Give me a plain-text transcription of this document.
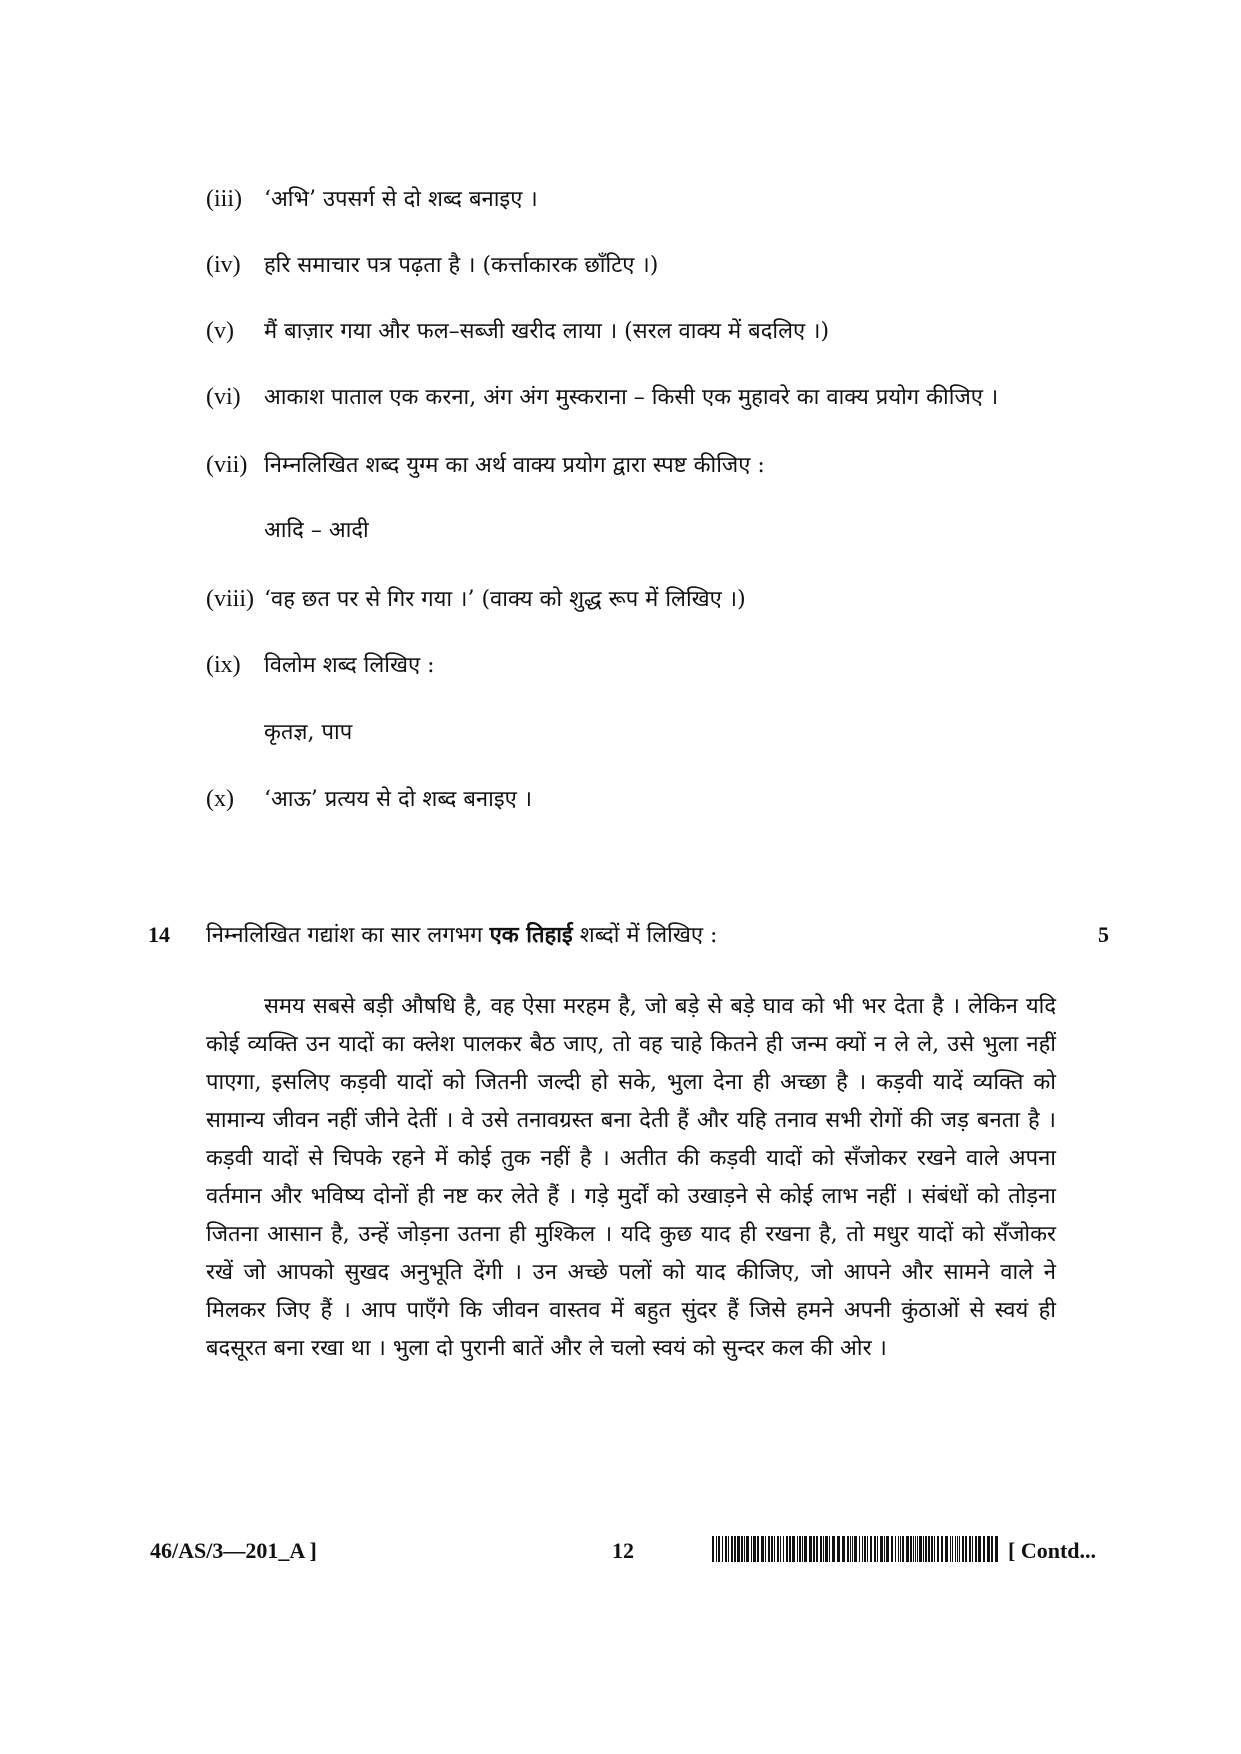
(iii) ‘अभि’ उपसर्ग से दो शब्द बनाइए ।
(iv) हरि समाचार पत्र पढ़ता है । (कर्त्ताकारक छाँटिए ।)
(v) मैं बाज़ार गया और फल–सब्जी खरीद लाया । (सरल वाक्य में बदलिए ।)
(vi) आकाश पाताल एक करना, अंग अंग मुस्कराना – किसी एक मुहावरे का वाक्य प्रयोग कीजिए ।
(vii) निम्नलिखित शब्द युग्म का अर्थ वाक्य प्रयोग द्वारा स्पष्ट कीजिए :
आदि – आदी
(viii) ‘वह छत पर से गिर गया ।’ (वाक्य को शुद्ध रूप में लिखिए ।)
(ix) विलोम शब्द लिखिए :
कृतज्ञ, पाप
(x) ‘आऊ’ प्रत्यय से दो शब्द बनाइए ।
14 निम्नलिखित गद्यांश का सार लगभग एक तिहाई शब्दों में लिखिए :	5
समय सबसे बड़ी औषधि है, वह ऐसा मरहम है, जो बड़े से बड़े घाव को भी भर देता है । लेकिन यदि कोई व्यक्ति उन यादों का क्लेश पालकर बैठ जाए, तो वह चाहे कितने ही जन्म क्यों न ले ले, उसे भुला नहीं पाएगा, इसलिए कड़वी यादों को जितनी जल्दी हो सके, भुला देना ही अच्छा है । कड़वी यादें व्यक्ति को सामान्य जीवन नहीं जीने देतीं । वे उसे तनावग्रस्त बना देती हैं और यहि तनाव सभी रोगों की जड़ बनता है । कड़वी यादों से चिपके रहने में कोई तुक नहीं है । अतीत की कड़वी यादों को सँजोकर रखने वाले अपना वर्तमान और भविष्य दोनों ही नष्ट कर लेते हैं । गड़े मुर्दों को उखाड़ने से कोई लाभ नहीं । संबंधों को तोड़ना जितना आसान है, उन्हें जोड़ना उतना ही मुश्किल । यदि कुछ याद ही रखना है, तो मधुर यादों को सँजोकर रखें जो आपको सुखद अनुभूति देंगी । उन अच्छे पलों को याद कीजिए, जो आपने और सामने वाले ने मिलकर जिए हैं । आप पाएँगे कि जीवन वास्तव में बहुत सुंदर हैं जिसे हमने अपनी कुंठाओं से स्वयं ही बदसूरत बना रखा था । भुला दो पुरानी बातें और ले चलो स्वयं को सुन्दर कल की ओर ।
46/AS/3—201_A ]	12	[ Contd...
